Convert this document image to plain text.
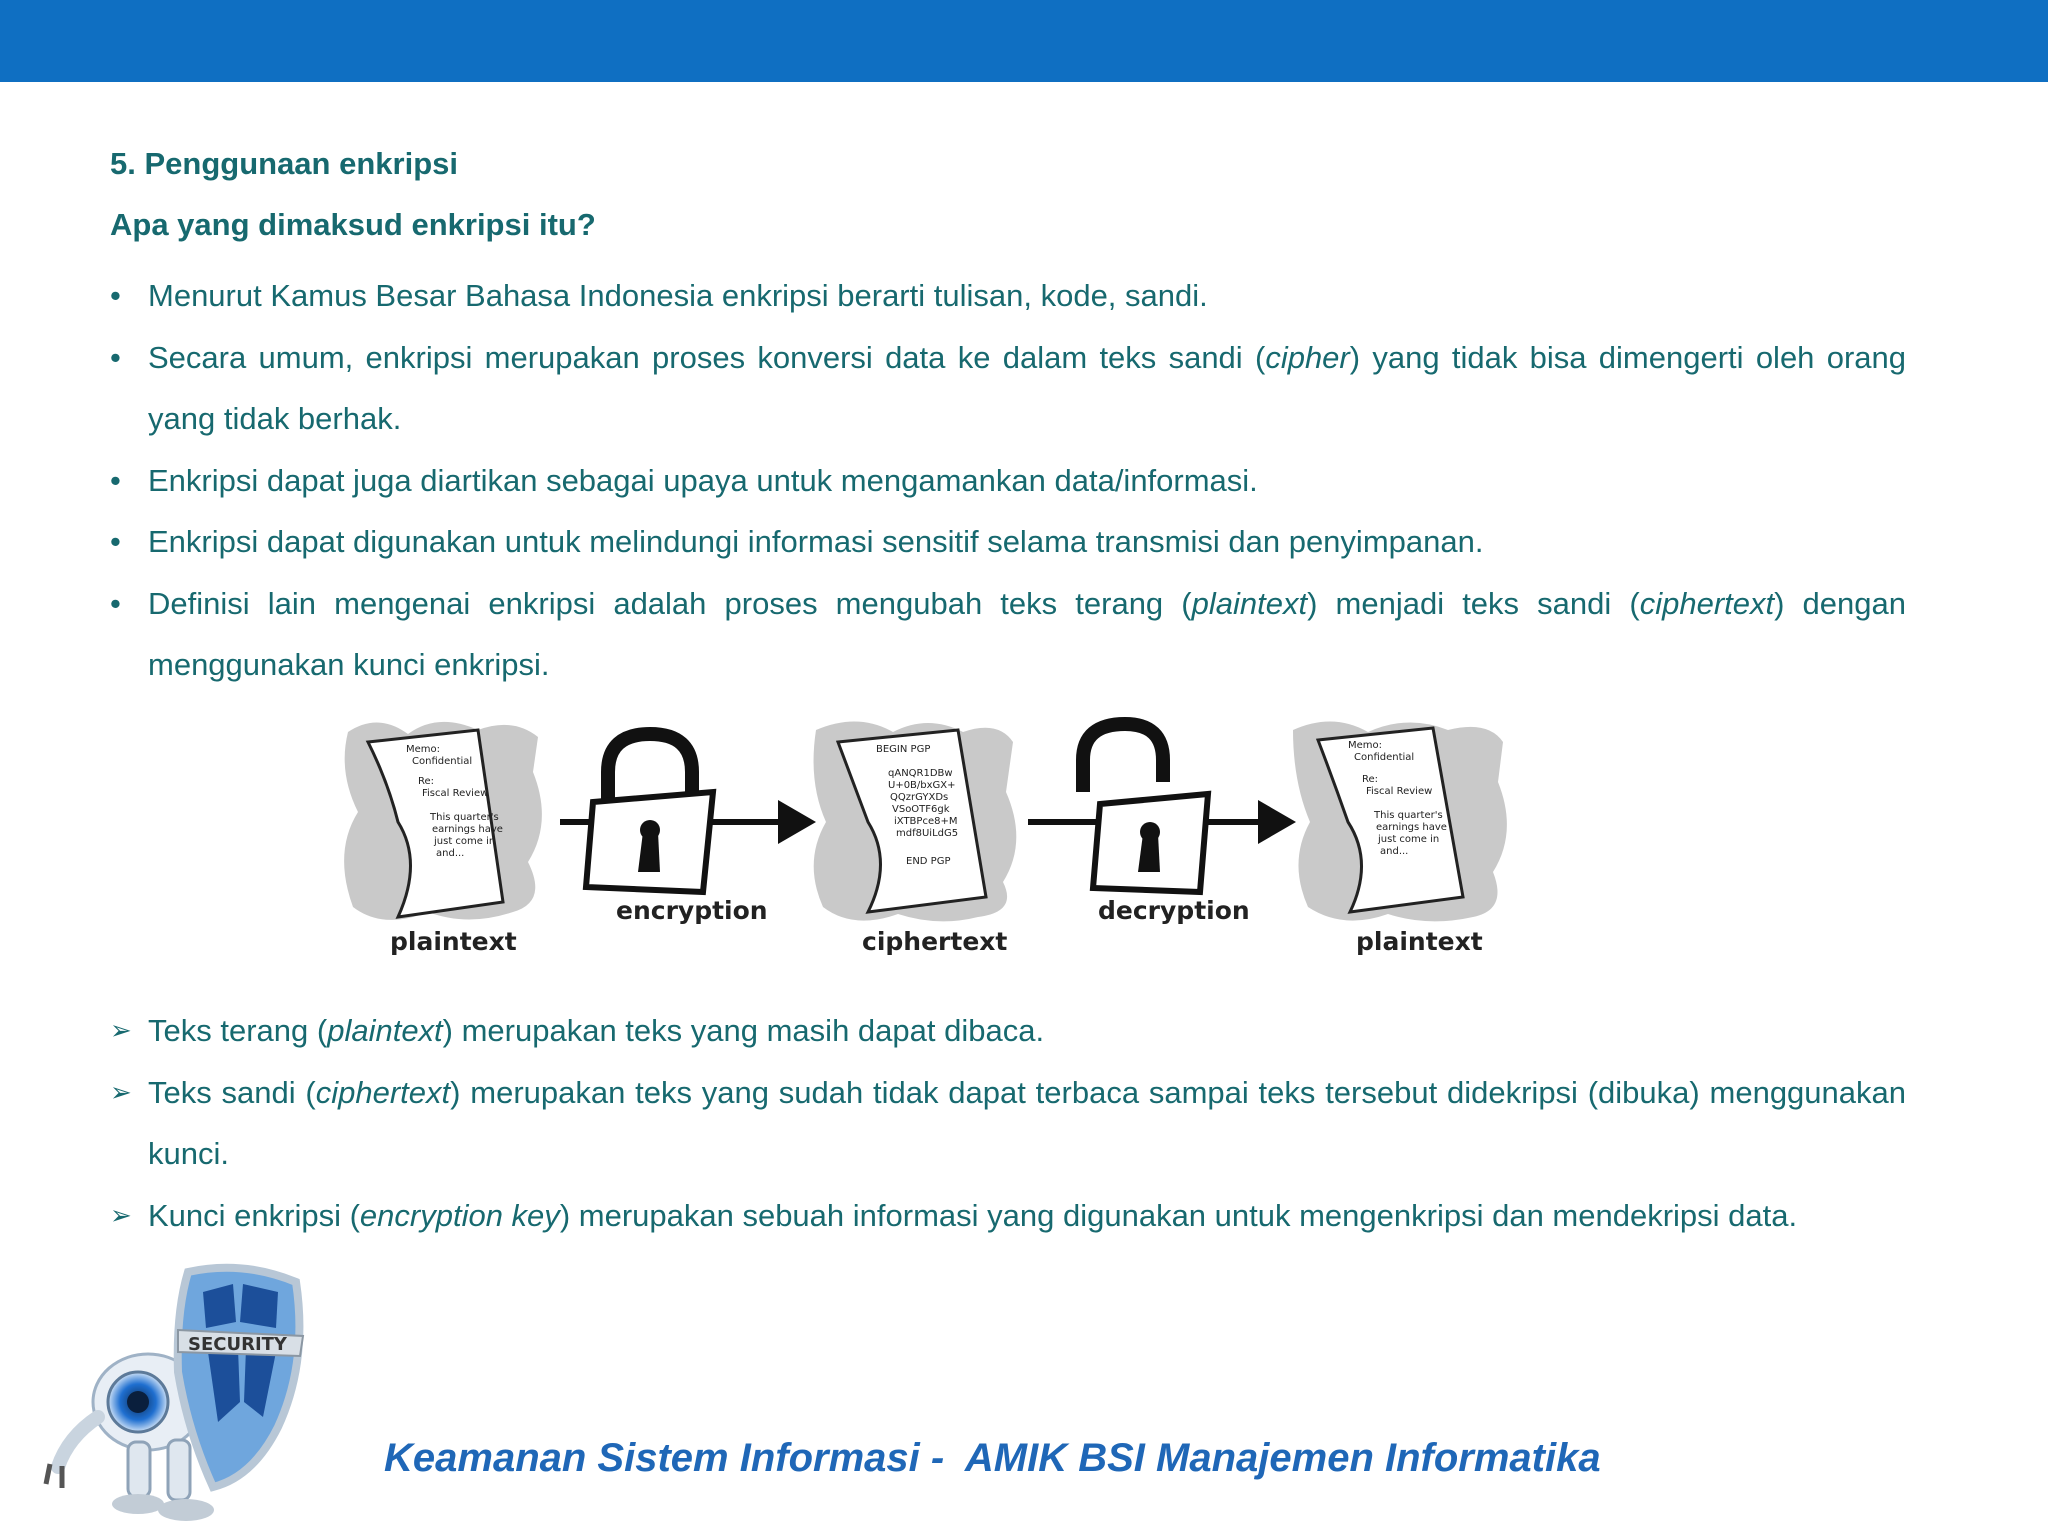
5. Penggunaan enkripsi
Apa yang dimaksud enkripsi itu?
• Menurut Kamus Besar Bahasa Indonesia enkripsi berarti tulisan, kode, sandi.
• Secara umum, enkripsi merupakan proses konversi data ke dalam teks sandi (cipher) yang tidak bisa dimengerti oleh orang yang tidak berhak.
• Enkripsi dapat juga diartikan sebagai upaya untuk mengamankan data/informasi.
• Enkripsi dapat digunakan untuk melindungi informasi sensitif selama transmisi dan penyimpanan.
• Definisi lain mengenai enkripsi adalah proses mengubah teks terang (plaintext) menjadi teks sandi (ciphertext) dengan menggunakan kunci enkripsi.
Memo:
Confidential
Re:
Fiscal Review
This quarter's
earnings have
just come in
and...
plaintext
encryption
BEGIN PGP
qANQR1DBw
U+0B/bxGX+
QQzrGYXDs
VSoOTF6gk
iXTBPce8+M
mdf8UiLdG5
END PGP
ciphertext
decryption
Memo:
Confidential
Re:
Fiscal Review
This quarter's
earnings have
just come in
and...
plaintext
➢ Teks terang (plaintext) merupakan teks yang masih dapat dibaca.
➢ Teks sandi (ciphertext) merupakan teks yang sudah tidak dapat terbaca sampai teks tersebut didekripsi (dibuka) menggunakan kunci.
➢ Kunci enkripsi (encryption key) merupakan sebuah informasi yang digunakan untuk mengenkripsi dan mendekripsi data.
SECURITY
Keamanan Sistem Informasi -  AMIK BSI Manajemen Informatika
